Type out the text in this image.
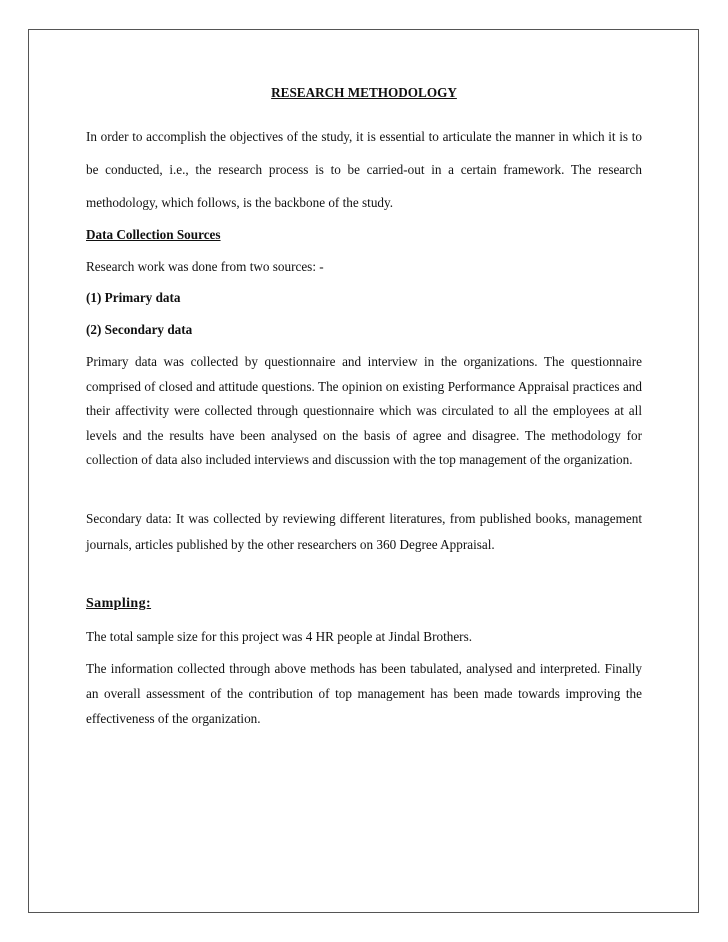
RESEARCH METHODOLOGY

In order to accomplish the objectives of the study, it is essential to articulate the manner in which it is to be conducted, i.e., the research process is to be carried-out in a certain framework. The research methodology, which follows, is the backbone of the study.

Data Collection Sources
Research work was done from two sources: -
(1) Primary data
(2) Secondary data

Primary data was collected by questionnaire and interview in the organizations. The questionnaire comprised of closed and attitude questions. The opinion on existing Performance Appraisal practices and their affectivity were collected through questionnaire which was circulated to all the employees at all levels and the results have been analysed on the basis of agree and disagree. The methodology for collection of data also included interviews and discussion with the top management of the organization.

Secondary data: It was collected by reviewing different literatures, from published books, management journals, articles published by the other researchers on 360 Degree Appraisal.

Sampling:
The total sample size for this project was 4 HR people at Jindal Brothers.

The information collected through above methods has been tabulated, analysed and interpreted. Finally an overall assessment of the contribution of top management has been made towards improving the effectiveness of the organization.
